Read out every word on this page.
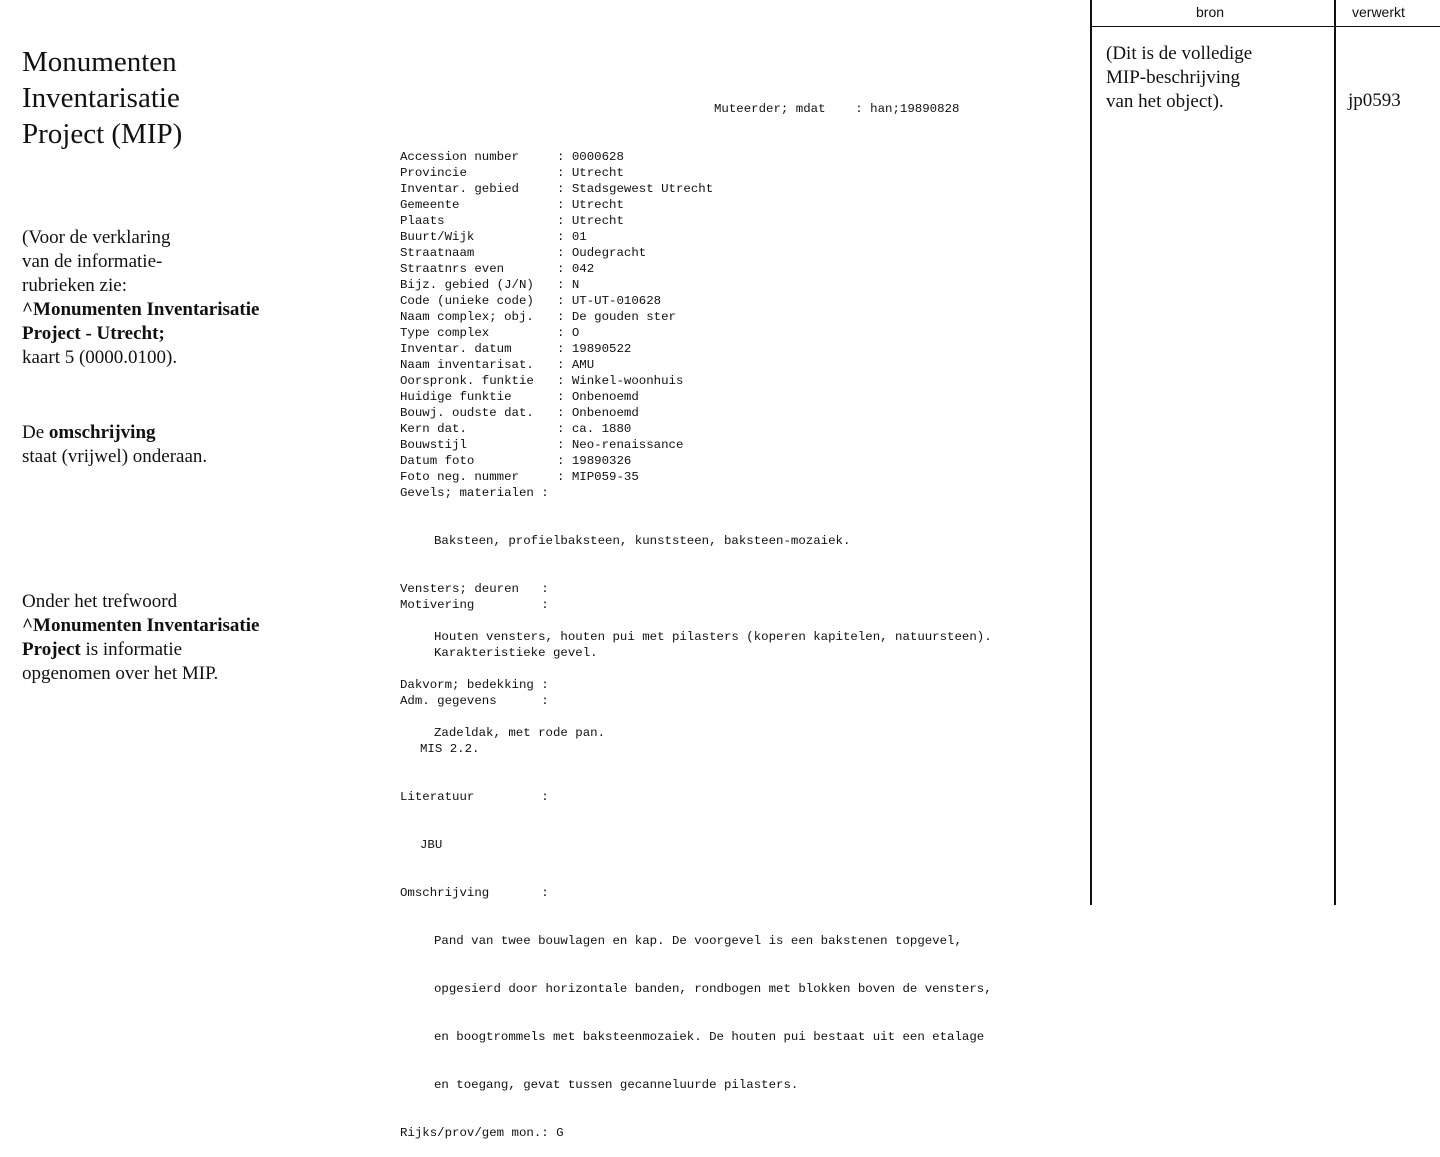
Monumenten
Inventarisatie
Project (MIP)
(Voor de verklaring
van de informatie-
rubrieken zie:
^Monumenten Inventarisatie
Project - Utrecht;
kaart 5 (0000.0100).
De omschrijving
staat (vrijwel) onderaan.
Onder het trefwoord
^Monumenten Inventarisatie
Project is informatie
opgenomen over het MIP.

Muteerder; mdat    : han;19890828

Accession number	: 0000628
Provincie	: Utrecht
Inventar. gebied	: Stadsgewest Utrecht
Gemeente	: Utrecht
Plaats	: Utrecht
Buurt/Wijk	: 01
Straatnaam	: Oudegracht
Straatnrs even	: 042
Bijz. gebied (J/N) : N
Code (unieke code) : UT-UT-010628
Naam complex; obj. : De gouden ster
Type complex	: O
Inventar. datum	: 19890522
Naam inventarisat. : AMU
Oorspronk. funktie : Winkel-woonhuis
Huidige funktie	: Onbenoemd
Bouwj. oudste dat. : Onbenoemd
Kern dat.	: ca. 1880
Bouwstijl	: Neo-renaissance
Datum foto	: 19890326
Foto neg. nummer	: MIP059-35

Gevels; materialen :

Baksteen, profielbaksteen, kunststeen, baksteen-mozaiek.

Vensters; deuren   :

Houten vensters, houten pui met pilasters (koperen kapitelen, natuursteen).

Dakvorm; bedekking :

Zadeldak, met rode pan.

Motivering         :

Karakteristieke gevel.

Adm. gegevens      :

MIS 2.2.

Literatuur         :

JBU

Omschrijving       :

Pand van twee bouwlagen en kap. De voorgevel is een bakstenen topgevel,

opgesierd door horizontale banden, rondbogen met blokken boven de vensters,

en boogtrommels met baksteenmozaiek. De houten pui bestaat uit een etalage

en toegang, gevat tussen gecanneluurde pilasters.

Rijks/prov/gem mon.: G

bron	verwerkt
(Dit is de volledige
MIP-beschrijving
van het object).	jp0593
